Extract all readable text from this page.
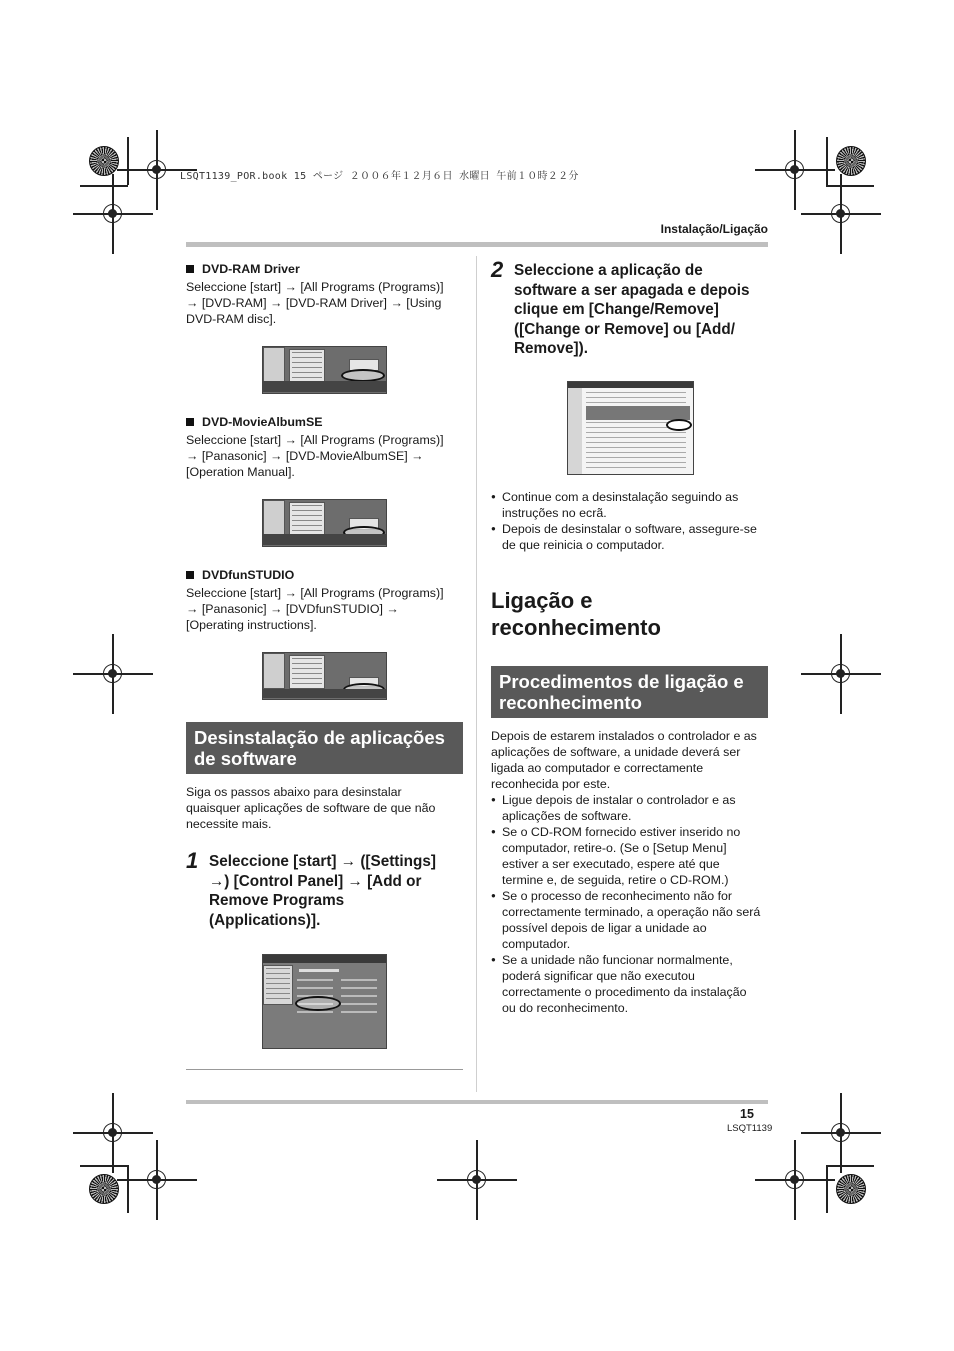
LSQT1139_POR.book 15 ページ ２００６年１２月６日 水曜日 午前１０時２２分
Instalação/Ligação
DVD-RAM Driver
Seleccione [start] → [All Programs (Programs)]
→ [DVD-RAM] → [DVD-RAM Driver] → [Using
DVD-RAM disc].
DVD-MovieAlbumSE
Seleccione [start] → [All Programs (Programs)]
→ [Panasonic] → [DVD-MovieAlbumSE] →
[Operation Manual].
DVDfunSTUDIO
Seleccione [start] → [All Programs (Programs)]
→ [Panasonic] → [DVDfunSTUDIO] →
[Operating instructions].
Desinstalação de aplicações
de software
Siga os passos abaixo para desinstalar
quaisquer aplicações de software de que não
necessite mais.
1 Seleccione [start] → ([Settings]
→) [Control Panel] → [Add or
Remove Programs
(Applications)].
2 Seleccione a aplicação de
software a ser apagada e depois
clique em [Change/Remove]
([Change or Remove] ou [Add/
Remove]).
● Continue com a desinstalação seguindo as
instruções no ecrã.
● Depois de desinstalar o software, assegure-se
de que reinicia o computador.
Ligação e
reconhecimento
Procedimentos de ligação e
reconhecimento
Depois de estarem instalados o controlador e as
aplicações de software, a unidade deverá ser
ligada ao computador e correctamente
reconhecida por este.
● Ligue depois de instalar o controlador e as
aplicações de software.
● Se o CD-ROM fornecido estiver inserido no
computador, retire-o. (Se o [Setup Menu]
estiver a ser executado, espere até que
termine e, de seguida, retire o CD-ROM.)
● Se o processo de reconhecimento não for
correctamente terminado, a operação não será
possível depois de ligar a unidade ao
computador.
● Se a unidade não funcionar normalmente,
poderá significar que não executou
correctamente o procedimento da instalação
ou do reconhecimento.
15
LSQT1139
